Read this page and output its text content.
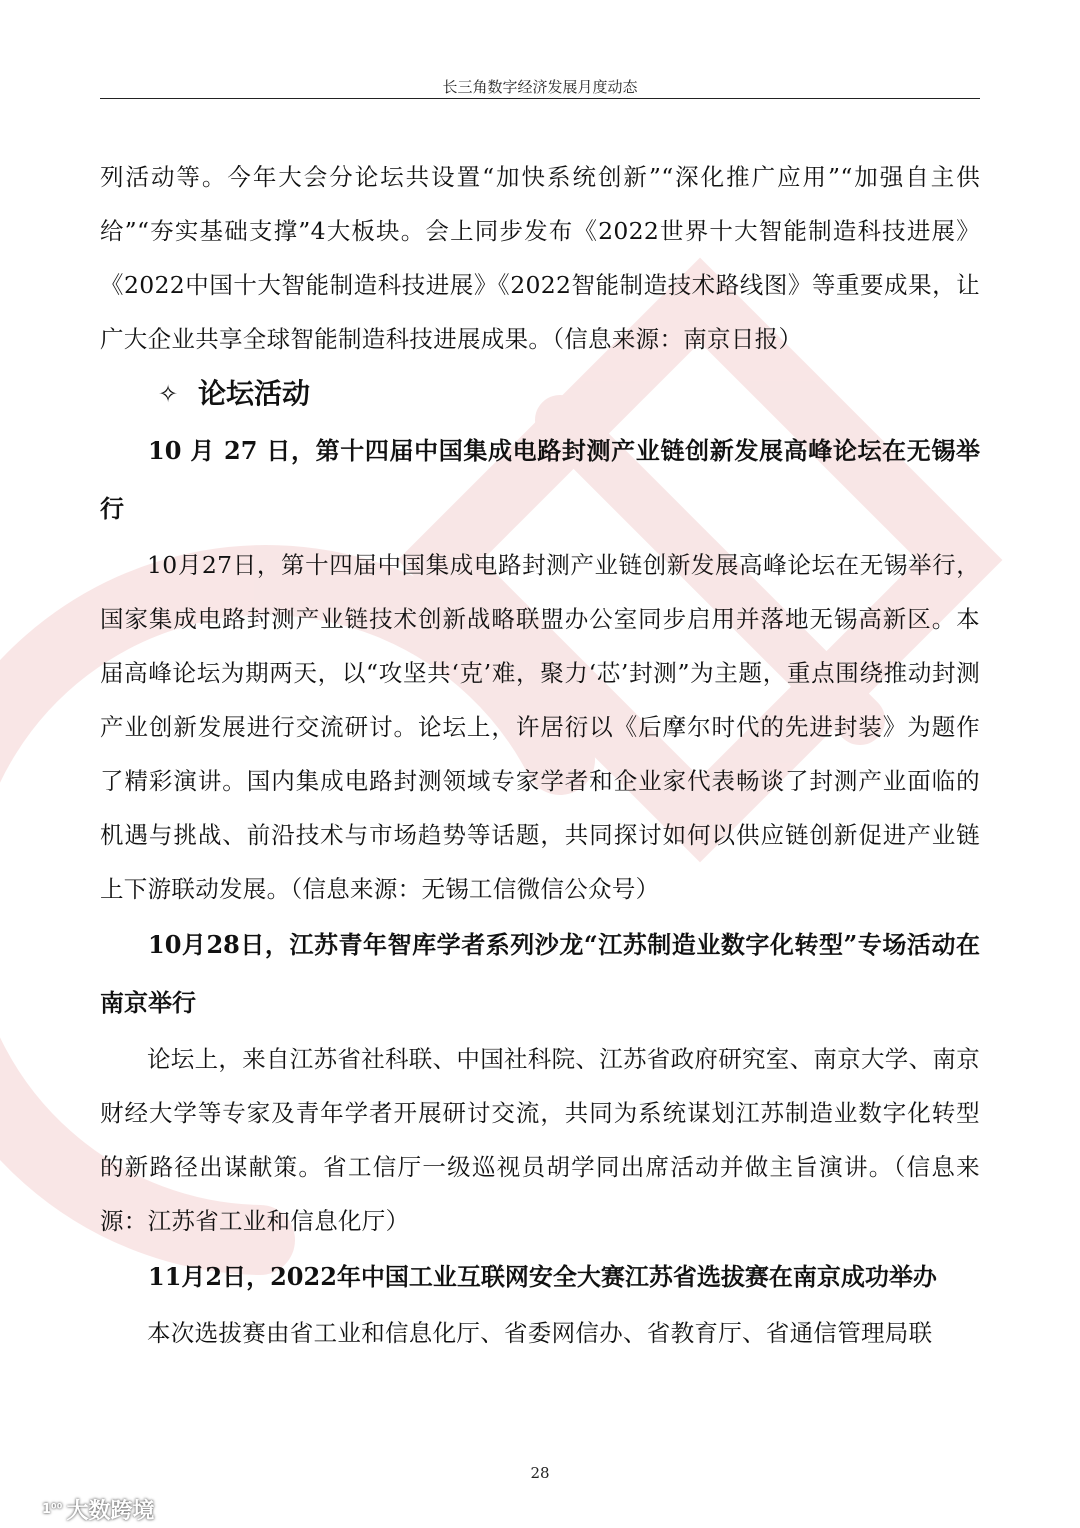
长三角数字经济发展月度动态

列活动等。今年大会分论坛共设置“加快系统创新”“深化推广应用”“加强自主供给”“夯实基础支撑”4大板块。会上同步发布《2022世界十大智能制造科技进展》《2022中国十大智能制造科技进展》《2022智能制造技术路线图》等重要成果，让广大企业共享全球智能制造科技进展成果。（信息来源：南京日报）

✧ 论坛活动
10 月 27 日，第十四届中国集成电路封测产业链创新发展高峰论坛在无锡举行

10月27日，第十四届中国集成电路封测产业链创新发展高峰论坛在无锡举行，国家集成电路封测产业链技术创新战略联盟办公室同步启用并落地无锡高新区。本届高峰论坛为期两天，以“攻坚共‘克’难，聚力‘芯’封测”为主题，重点围绕推动封测产业创新发展进行交流研讨。论坛上，许居衍以《后摩尔时代的先进封装》为题作了精彩演讲。国内集成电路封测领域专家学者和企业家代表畅谈了封测产业面临的机遇与挑战、前沿技术与市场趋势等话题，共同探讨如何以供应链创新促进产业链上下游联动发展。（信息来源：无锡工信微信公众号）

10月28日，江苏青年智库学者系列沙龙“江苏制造业数字化转型”专场活动在南京举行

论坛上，来自江苏省社科联、中国社科院、江苏省政府研究室、南京大学、南京财经大学等专家及青年学者开展研讨交流，共同为系统谋划江苏制造业数字化转型的新路径出谋献策。省工信厅一级巡视员胡学同出席活动并做主旨演讲。（信息来源：江苏省工业和信息化厅）

11月2日，2022年中国工业互联网安全大赛江苏省选拔赛在南京成功举办

本次选拔赛由省工业和信息化厅、省委网信办、省教育厅、省通信管理局联

28
1⁰⁰ 大数跨境
